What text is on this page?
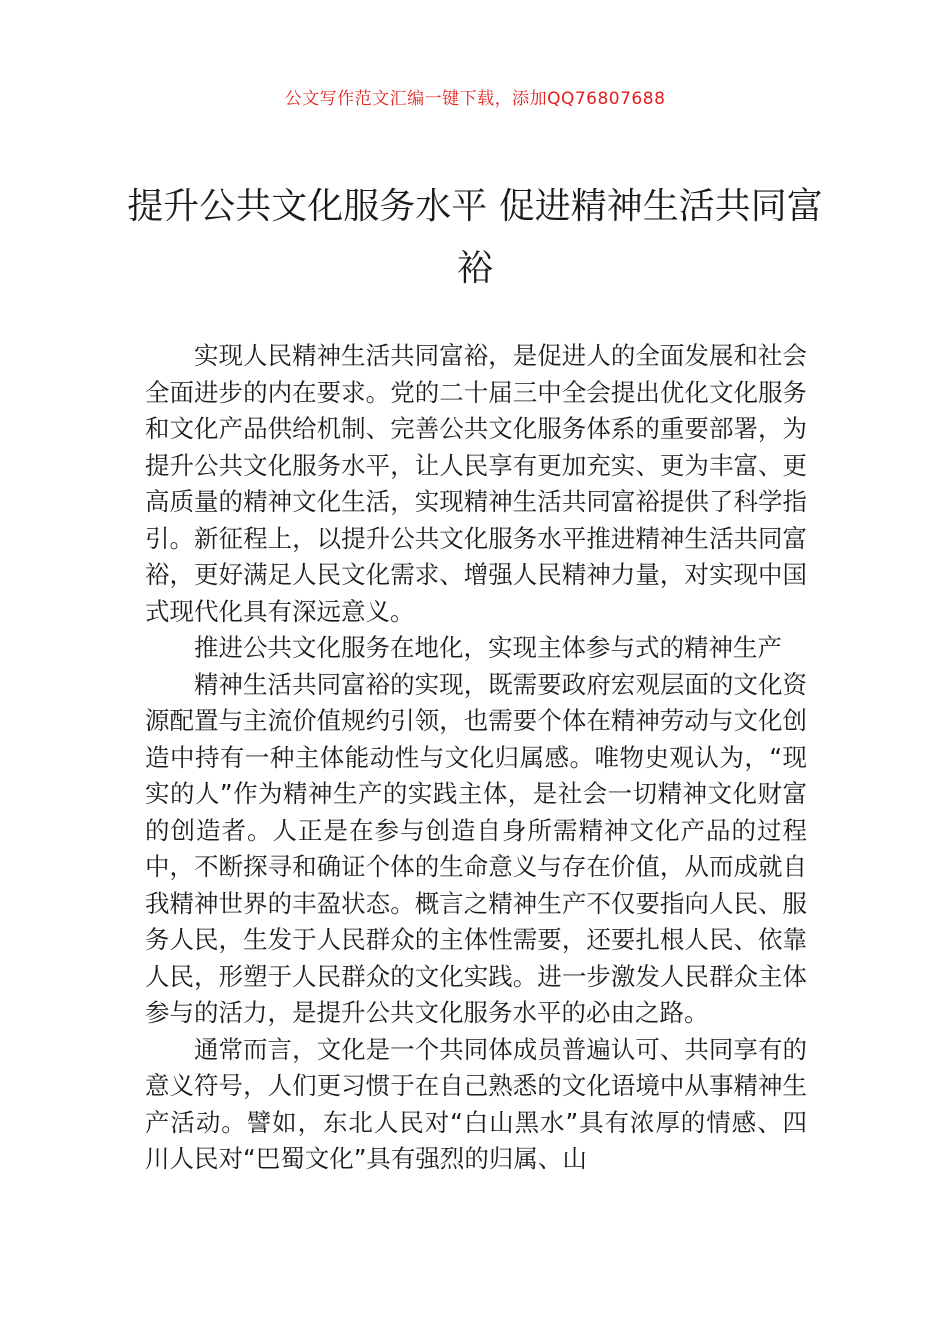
公文写作范文汇编一键下载，添加QQ76807688
提升公共文化服务水平 促进精神生活共同富裕

实现人民精神生活共同富裕，是促进人的全面发展和社会全面进步的内在要求。党的二十届三中全会提出优化文化服务和文化产品供给机制、完善公共文化服务体系的重要部署，为提升公共文化服务水平，让人民享有更加充实、更为丰富、更高质量的精神文化生活，实现精神生活共同富裕提供了科学指引。新征程上，以提升公共文化服务水平推进精神生活共同富裕，更好满足人民文化需求、增强人民精神力量，对实现中国式现代化具有深远意义。

推进公共文化服务在地化，实现主体参与式的精神生产

精神生活共同富裕的实现，既需要政府宏观层面的文化资源配置与主流价值规约引领，也需要个体在精神劳动与文化创造中持有一种主体能动性与文化归属感。唯物史观认为，“现实的人”作为精神生产的实践主体，是社会一切精神文化财富的创造者。人正是在参与创造自身所需精神文化产品的过程中，不断探寻和确证个体的生命意义与存在价值，从而成就自我精神世界的丰盈状态。概言之精神生产不仅要指向人民、服务人民，生发于人民群众的主体性需要，还要扎根人民、依靠人民，形塑于人民群众的文化实践。进一步激发人民群众主体参与的活力，是提升公共文化服务水平的必由之路。

通常而言，文化是一个共同体成员普遍认可、共同享有的意义符号，人们更习惯于在自己熟悉的文化语境中从事精神生产活动。譬如，东北人民对“白山黑水”具有浓厚的情感、四川人民对“巴蜀文化”具有强烈的归属、山
